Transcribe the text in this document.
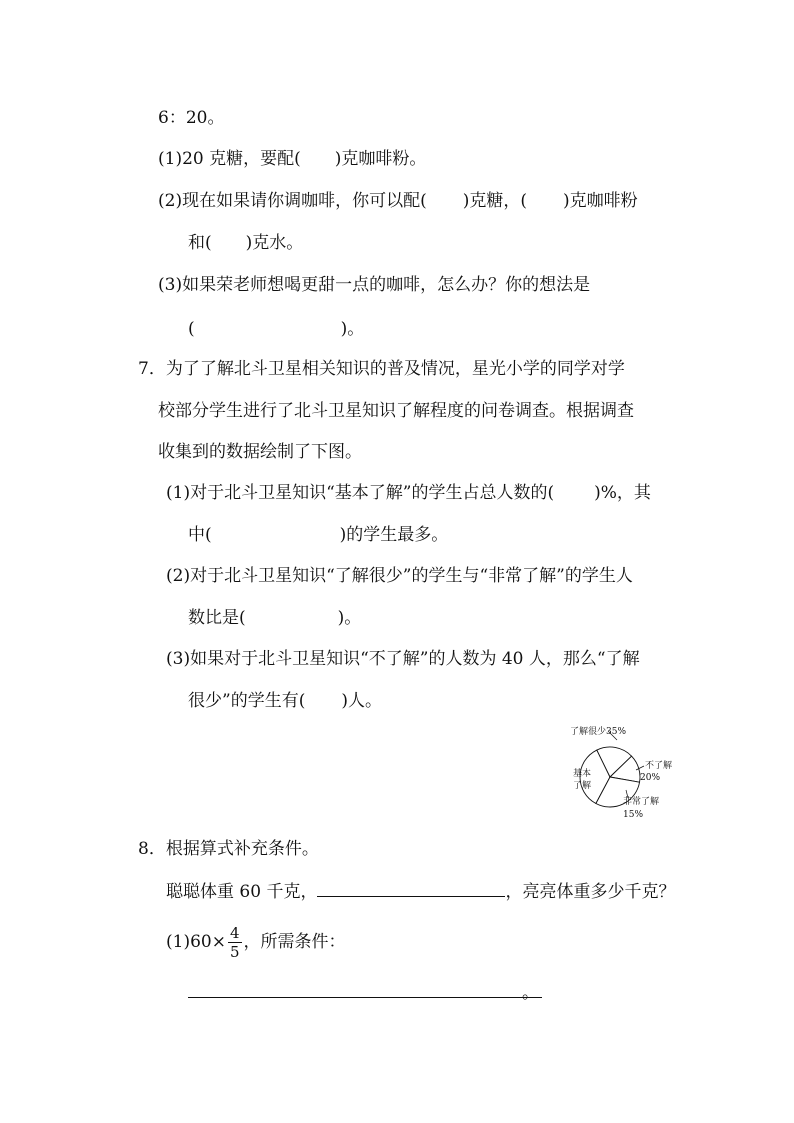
6：20。
(1)20 克糖，要配( )克咖啡粉。
(2)现在如果请你调咖啡，你可以配( )克糖，( )克咖啡粉
和( )克水。
(3)如果荣老师想喝更甜一点的咖啡，怎么办？你的想法是
(	)。
7．为了了解北斗卫星相关知识的普及情况，星光小学的同学对学
校部分学生进行了北斗卫星知识了解程度的问卷调查。根据调查
收集到的数据绘制了下图。
(1)对于北斗卫星知识“基本了解”的学生占总人数的( )%，其
中(	)的学生最多。
(2)对于北斗卫星知识“了解很少”的学生与“非常了解”的学生人
数比是(	)。
(3)如果对于北斗卫星知识“不了解”的人数为 40 人，那么“了解
很少”的学生有( )人。
了解很少35%
不了解
20%
非常了解
15%
基本
了解
8．根据算式补充条件。
聪聪体重 60 千克，	，亮亮体重多少千克？
$(1)60\times \frac{4}{5}$ ，所需条件：
。
